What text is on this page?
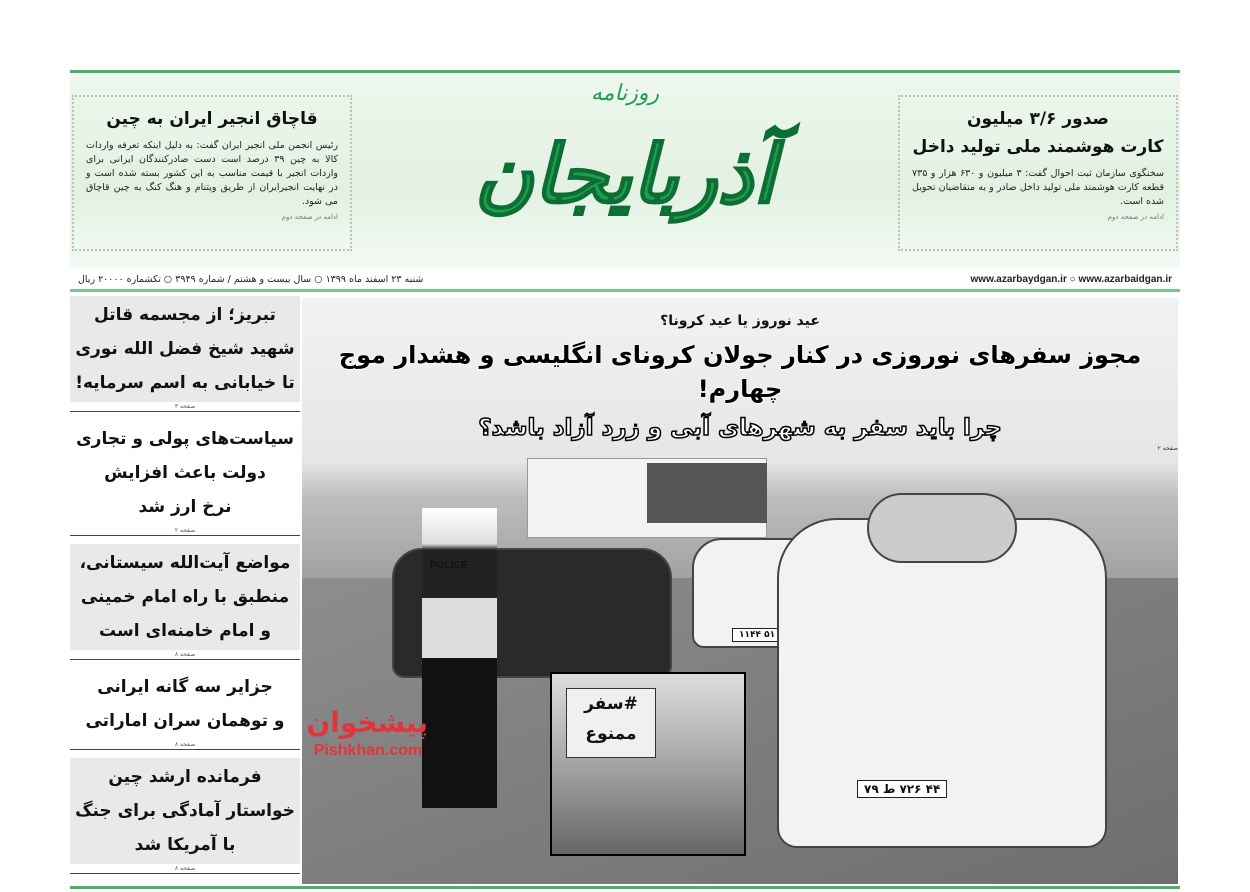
صدور ۳/۶ میلیون
کارت هوشمند ملی تولید داخل

سخنگوی سازمان ثبت احوال گفت: ۳ میلیون و ۶۳۰ هزار و ۷۳۵ قطعه کارت هوشمند ملی تولید داخل صادر و به متقاضیان تحویل شده است.

ادامه در صفحه دوم
روزنامه
آذربایجان
قاچاق انجیر ایران به چین

رئیس انجمن ملی انجیر ایران گفت: به دلیل اینکه تعرفه واردات کالا به چین ۳۹ درصد است دست صادرکنندگان ایرانی برای واردات انجیر با قیمت مناسب به این کشور بسته شده است و در نهایت انجیرایران از طریق ویتنام و هنگ کنگ به چین قاچاق می شود.

ادامه در صفحه دوم
www.azarbaydgan.ir ○ www.azarbaidgan.ir
شنبه ۲۳ اسفند ماه ۱۳۹۹ ○ سال بیست و هشتم / شماره ۳۹۴۹ ○ تکشماره ۲۰۰۰۰ ریال
تبریز؛ از مجسمه قاتل
شهید شیخ فضل الله نوری
تا خیابانی به اسم سرمایه!
صفحه ۳
سیاست‌های پولی و تجاری
دولت باعث افزایش
نرخ ارز شد
صفحه ۲
مواضع آیت‌الله سیستانی،
منطبق با راه امام خمینی
و امام خامنه‌ای است
صفحه ۸
جزایر سه گانه ایرانی
و توهمان سران اماراتی
صفحه ۸
فرمانده ارشد چین
خواستار آمادگی برای جنگ
با آمریکا شد
صفحه ۸
۵۱ ۱۱۴۴
۴۴ ۷۲۶ ط ۷۹
POLICE
#سفر ممنوع
عید نوروز یا عید کرونا؟
مجوز سفرهای نوروزی در کنار جولان کرونای انگلیسی و هشدار موج چهارم!
چرا باید سفر به شهرهای آبی و زرد آزاد باشد؟
صفحه ۲
پیشخوان
Pishkhan.com
